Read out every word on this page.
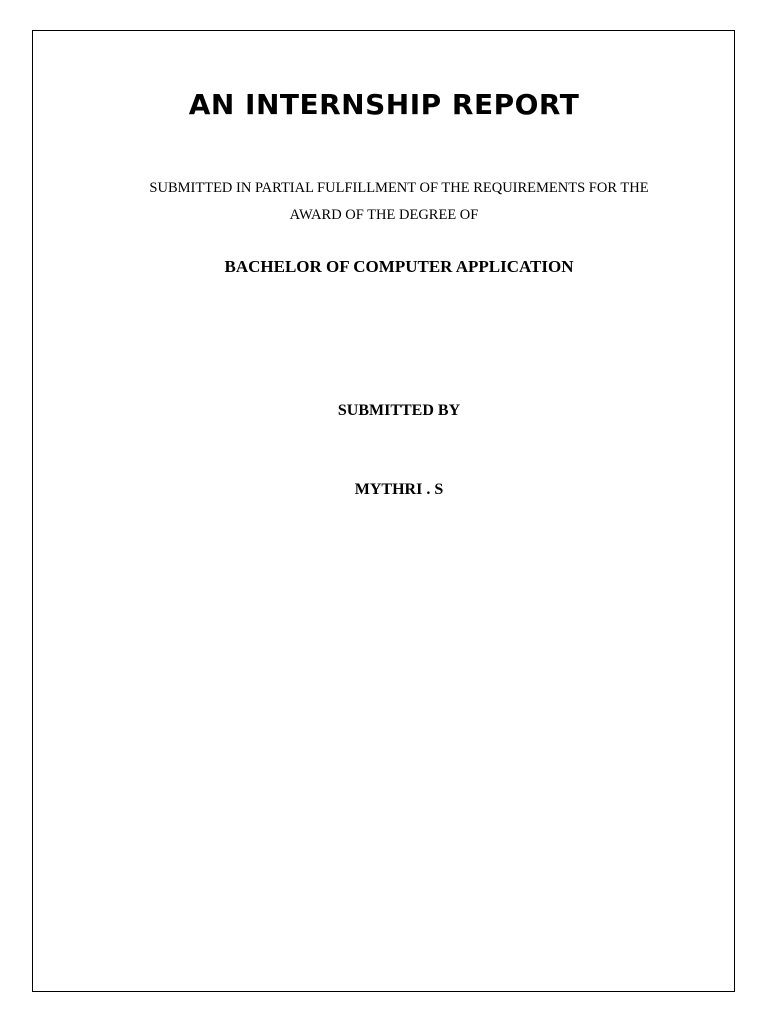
AN INTERNSHIP REPORT

SUBMITTED IN PARTIAL FULFILLMENT OF THE REQUIREMENTS FOR THE

AWARD OF THE DEGREE OF

BACHELOR OF COMPUTER APPLICATION
SUBMITTED BY
MYTHRI . S
